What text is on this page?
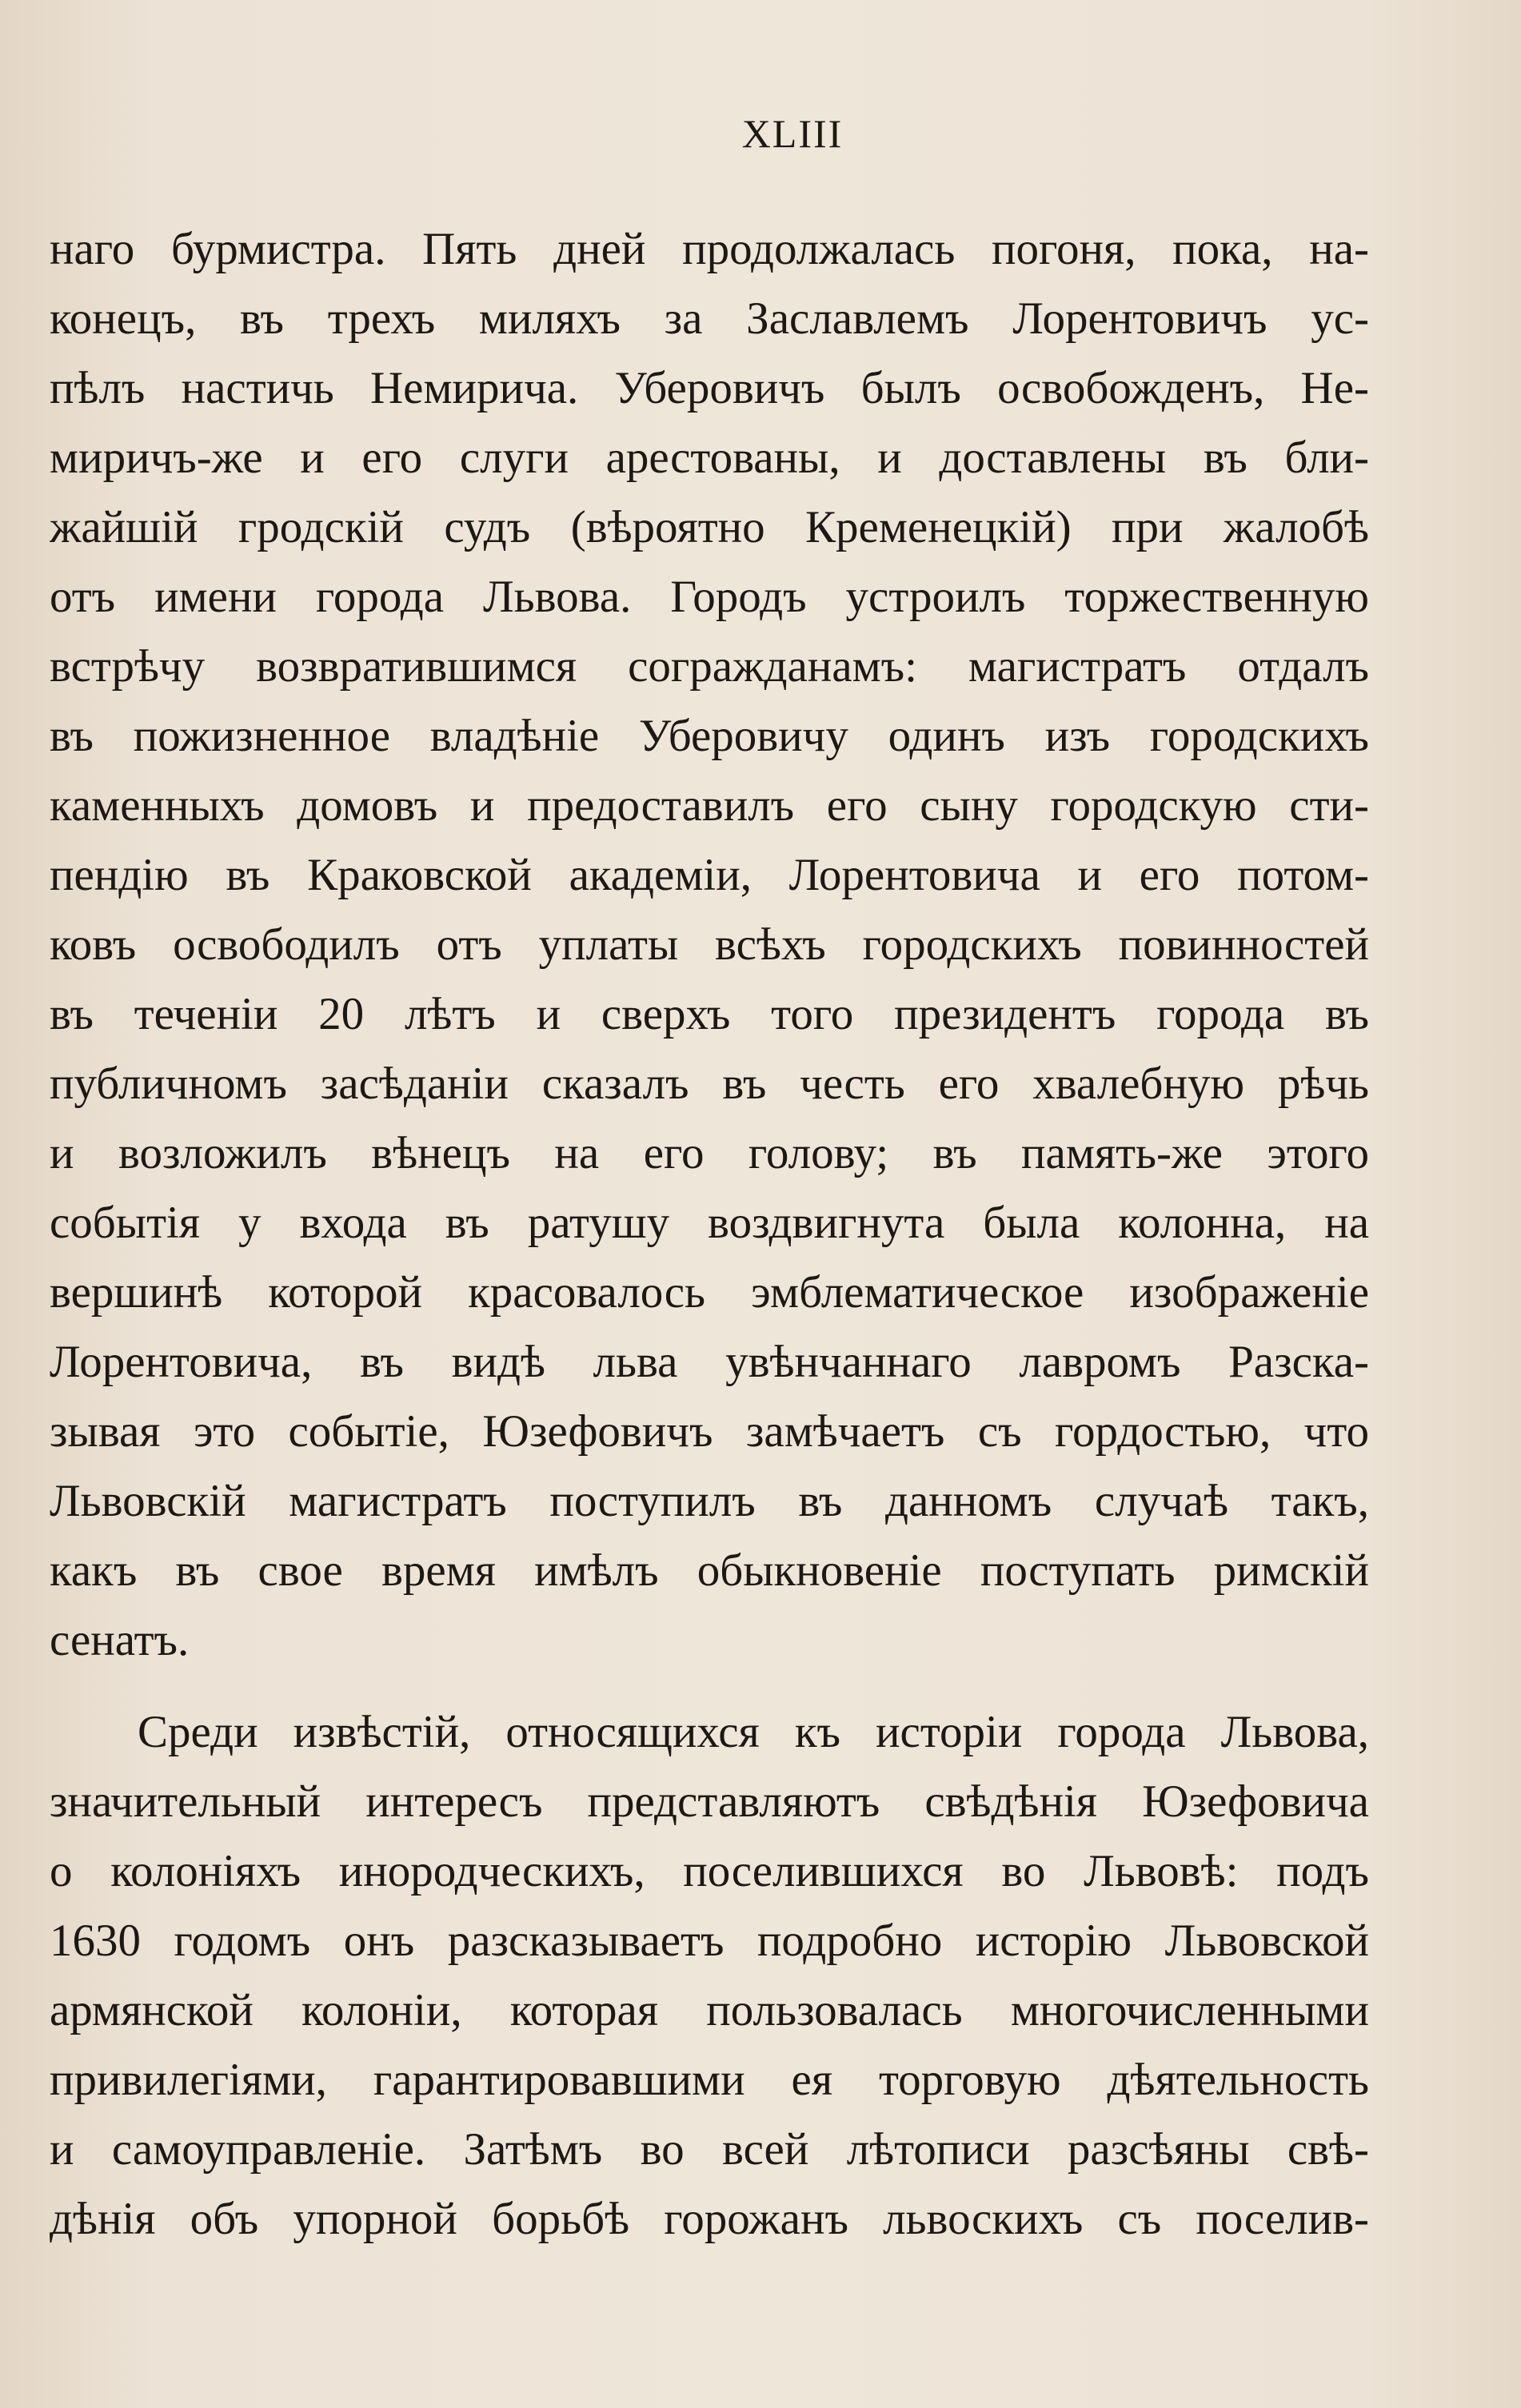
XLIII
наго бурмистра. Пять дней продолжалась погоня, пока, на-
конецъ, въ трехъ миляхъ за Заславлемъ Лорентовичъ ус-
пѣлъ настичь Немирича. Уберовичъ былъ освобожденъ, Не-
миричъ-же и его слуги арестованы, и доставлены въ бли-
жайшій гродскій судъ (вѣроятно Кременецкій) при жалобѣ
отъ имени города Львова. Городъ устроилъ торжественную
встрѣчу возвратившимся согражданамъ: магистратъ отдалъ
въ пожизненное владѣніе Уберовичу одинъ изъ городскихъ
каменныхъ домовъ и предоставилъ его сыну городскую сти-
пендію въ Краковской академіи, Лорентовича и его потом-
ковъ освободилъ отъ уплаты всѣхъ городскихъ повинностей
въ теченіи 20 лѣтъ и сверхъ того президентъ города въ
публичномъ засѣданіи сказалъ въ честь его хвалебную рѣчь
и возложилъ вѣнецъ на его голову; въ память-же этого
событія у входа въ ратушу воздвигнута была колонна, на
вершинѣ которой красовалось эмблематическое изображеніе
Лорентовича, въ видѣ льва увѣнчаннаго лавромъ Разска-
зывая это событіе, Юзефовичъ замѣчаетъ съ гордостью, что
Львовскій магистратъ поступилъ въ данномъ случаѣ такъ,
какъ въ свое время имѣлъ обыкновеніе поступать римскій
сенатъ.
Среди извѣстій, относящихся къ исторіи города Львова,
значительный интересъ представляютъ свѣдѣнія Юзефовича
о колоніяхъ инородческихъ, поселившихся во Львовѣ: подъ
1630 годомъ онъ разсказываетъ подробно исторію Львовской
армянской колоніи, которая пользовалась многочисленными
привилегіями, гарантировавшими ея торговую дѣятельность
и самоуправленіе. Затѣмъ во всей лѣтописи разсѣяны свѣ-
дѣнія объ упорной борьбѣ горожанъ львоскихъ съ поселив-
